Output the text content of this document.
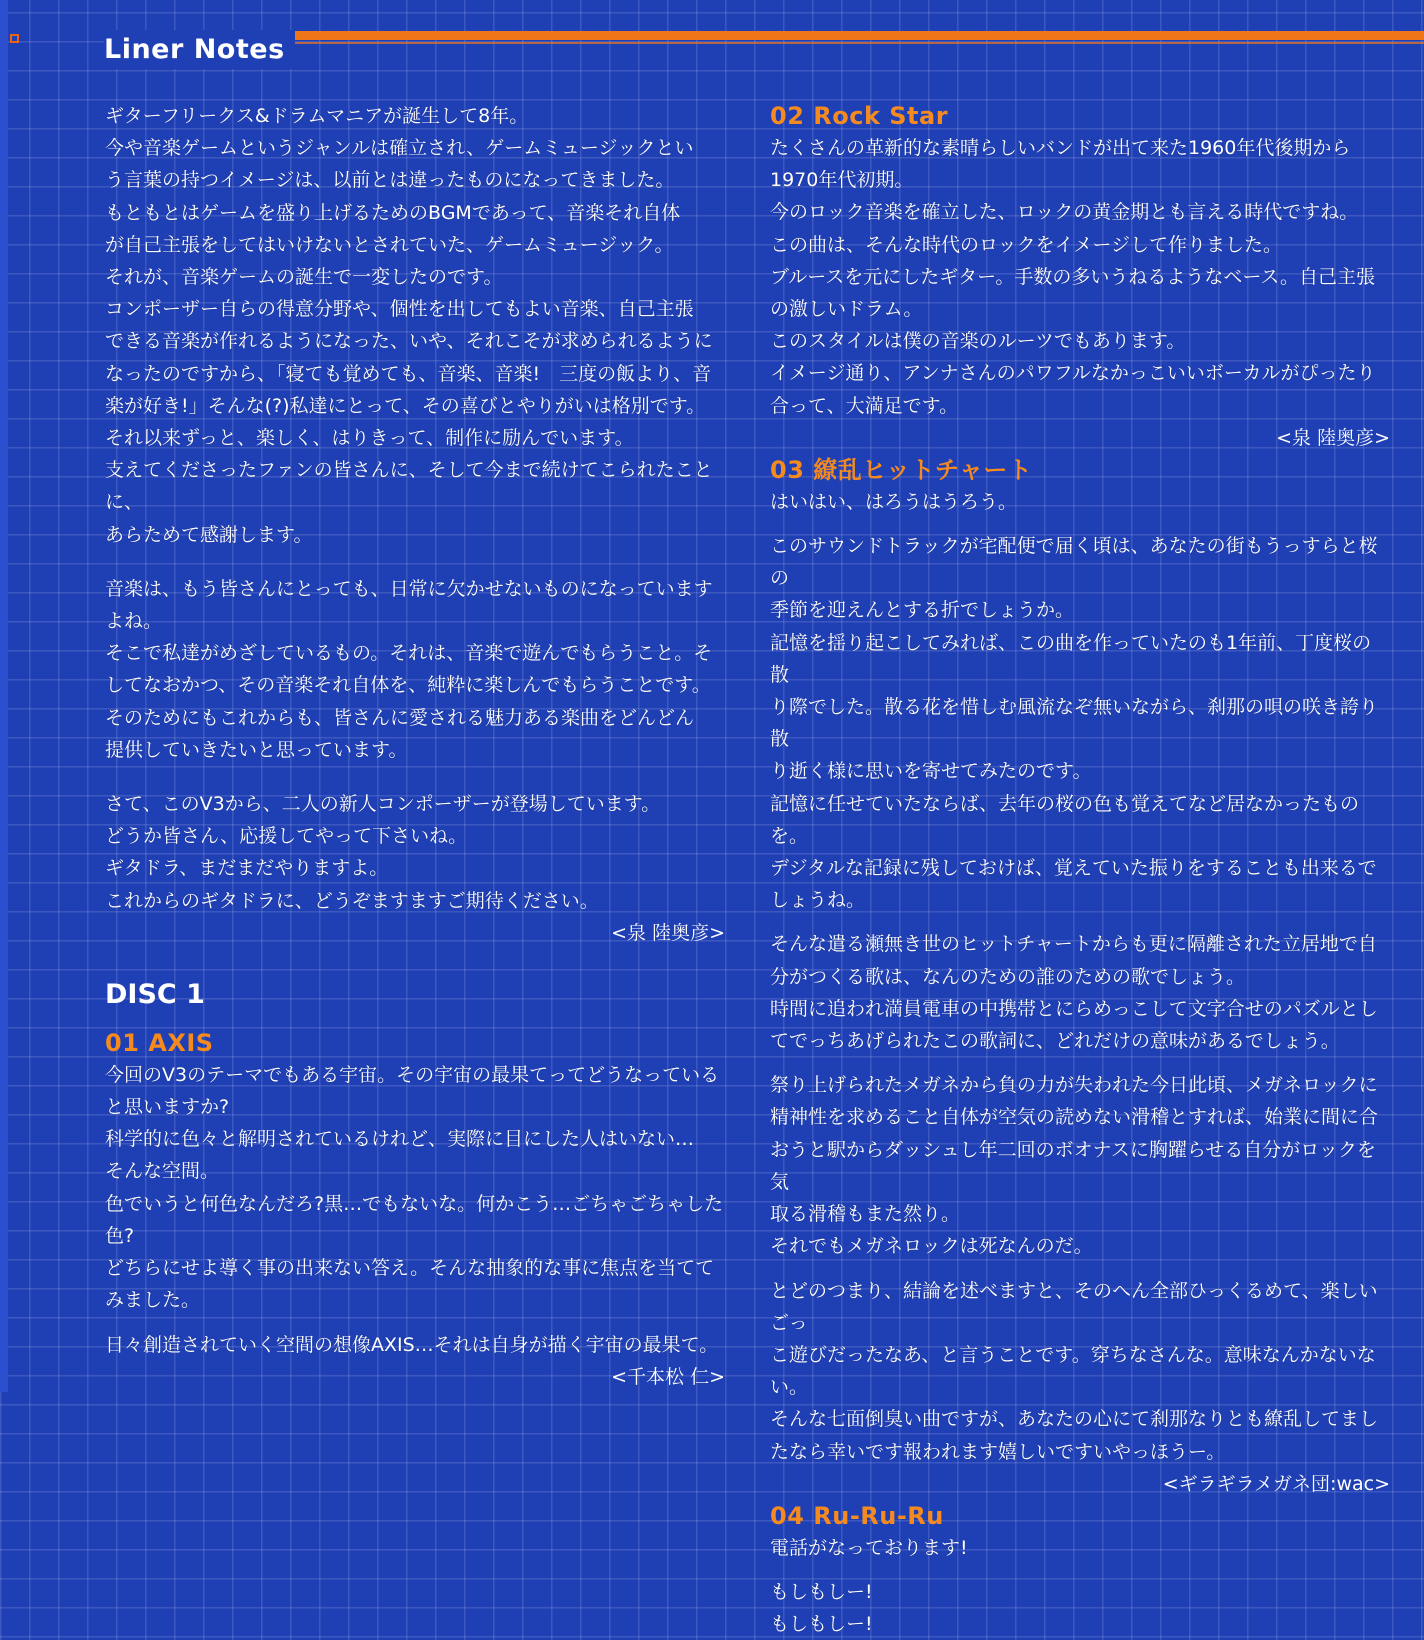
Liner Notes

ギターフリークス&ドラムマニアが誕生して8年。
今や音楽ゲームというジャンルは確立され、ゲームミュージックとい
う言葉の持つイメージは、以前とは違ったものになってきました。
もともとはゲームを盛り上げるためのBGMであって、音楽それ自体
が自己主張をしてはいけないとされていた、ゲームミュージック。
それが、音楽ゲームの誕生で一変したのです。
コンポーザー自らの得意分野や、個性を出してもよい音楽、自己主張
できる音楽が作れるようになった、いや、それこそが求められるように
なったのですから、「寝ても覚めても、音楽、音楽!　三度の飯より、音
楽が好き!」そんな(?)私達にとって、その喜びとやりがいは格別です。
それ以来ずっと、楽しく、はりきって、制作に励んでいます。
支えてくださったファンの皆さんに、そして今まで続けてこられたことに、
あらためて感謝します。

音楽は、もう皆さんにとっても、日常に欠かせないものになっています
よね。
そこで私達がめざしているもの。それは、音楽で遊んでもらうこと。そ
してなおかつ、その音楽それ自体を、純粋に楽しんでもらうことです。
そのためにもこれからも、皆さんに愛される魅力ある楽曲をどんどん
提供していきたいと思っています。

さて、このV3から、二人の新人コンポーザーが登場しています。
どうか皆さん、応援してやって下さいね。
ギタドラ、まだまだやりますよ。
これからのギタドラに、どうぞますますご期待ください。

<泉 陸奥彦>

DISC 1

01 AXIS

今回のV3のテーマでもある宇宙。その宇宙の最果てってどうなっている
と思いますか?
科学的に色々と解明されているけれど、実際に目にした人はいない…
そんな空間。
色でいうと何色なんだろ?黒…でもないな。何かこう…ごちゃごちゃした色?
どちらにせよ導く事の出来ない答え。そんな抽象的な事に焦点を当てて
みました。

日々創造されていく空間の想像AXIS…それは自身が描く宇宙の最果て。

<千本松 仁>

02 Rock Star

たくさんの革新的な素晴らしいバンドが出て来た1960年代後期から
1970年代初期。
今のロック音楽を確立した、ロックの黄金期とも言える時代ですね。
この曲は、そんな時代のロックをイメージして作りました。
ブルースを元にしたギター。手数の多いうねるようなベース。自己主張
の激しいドラム。
このスタイルは僕の音楽のルーツでもあります。
イメージ通り、アンナさんのパワフルなかっこいいボーカルがぴったり
合って、大満足です。

<泉 陸奥彦>

03 繚乱ヒットチャート

はいはい、はろうはうろう。

このサウンドトラックが宅配便で届く頃は、あなたの街もうっすらと桜の
季節を迎えんとする折でしょうか。
記憶を揺り起こしてみれば、この曲を作っていたのも1年前、丁度桜の散
り際でした。散る花を惜しむ風流なぞ無いながら、刹那の唄の咲き誇り散
り逝く様に思いを寄せてみたのです。
記憶に任せていたならば、去年の桜の色も覚えてなど居なかったものを。
デジタルな記録に残しておけば、覚えていた振りをすることも出来るで
しょうね。

そんな遣る瀬無き世のヒットチャートからも更に隔離された立居地で自
分がつくる歌は、なんのための誰のための歌でしょう。
時間に追われ満員電車の中携帯とにらめっこして文字合せのパズルとし
てでっちあげられたこの歌詞に、どれだけの意味があるでしょう。

祭り上げられたメガネから負の力が失われた今日此頃、メガネロックに
精神性を求めること自体が空気の読めない滑稽とすれば、始業に間に合
おうと駅からダッシュし年二回のボオナスに胸躍らせる自分がロックを気
取る滑稽もまた然り。
それでもメガネロックは死なんのだ。

とどのつまり、結論を述べますと、そのへん全部ひっくるめて、楽しいごっ
こ遊びだったなあ、と言うことです。穿ちなさんな。意味なんかないない。
そんな七面倒臭い曲ですが、あなたの心にて刹那なりとも繚乱してまし
たなら幸いです報われます嬉しいですいやっほうー。

<ギラギラメガネ団:wac>

04 Ru-Ru-Ru

電話がなっております!

もしもしー!
もしもしー!
